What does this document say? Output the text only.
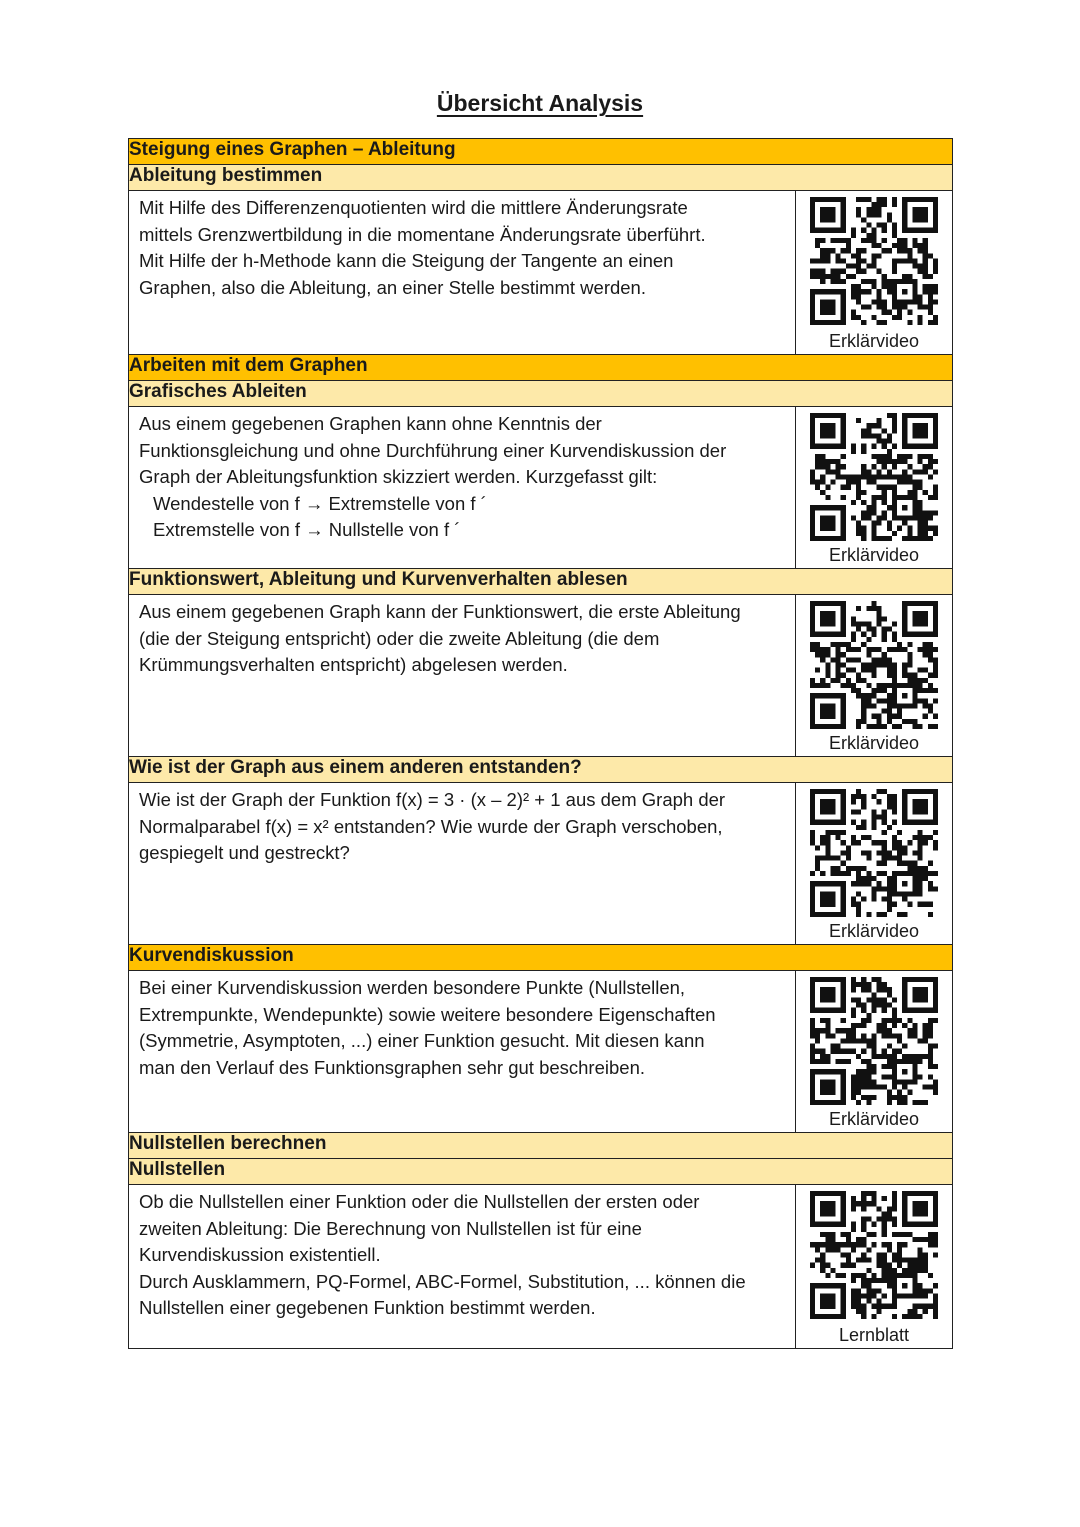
Übersicht Analysis
Steigung eines Graphen – Ableitung	
Ableitung bestimmen	

Mit Hilfe des Differenzenquotienten wird die mittlere Änderungsrate

mittels Grenzwertbildung in die momentane Änderungsrate überführt.

Mit Hilfe der h-Methode kann die Steigung der Tangente an einen

Graphen, also die Ableitung, an einer Stelle bestimmt werden.	Erklärvideo

Arbeiten mit dem Graphen	
Grafisches Ableiten	

Aus einem gegebenen Graphen kann ohne Kenntnis der

Funktionsgleichung und ohne Durchführung einer Kurvendiskussion der

Graph der Ableitungsfunktion skizziert werden. Kurzgefasst gilt:

Wendestelle von f → Extremstelle von f ´

Extremstelle von f → Nullstelle von f ´	Erklärvideo

Funktionswert, Ableitung und Kurvenverhalten ablesen	

Aus einem gegebenen Graph kann der Funktionswert, die erste Ableitung

(die der Steigung entspricht) oder die zweite Ableitung (die dem

Krümmungsverhalten entspricht) abgelesen werden.	Erklärvideo

Wie ist der Graph aus einem anderen entstanden?	

Wie ist der Graph der Funktion f(x) = 3 · (x – 2)² + 1 aus dem Graph der

Normalparabel f(x) = x² entstanden? Wie wurde der Graph verschoben,

gespiegelt und gestreckt?	Erklärvideo

Kurvendiskussion	

Bei einer Kurvendiskussion werden besondere Punkte (Nullstellen,

Extrempunkte, Wendepunkte) sowie weitere besondere Eigenschaften

(Symmetrie, Asymptoten, ...) einer Funktion gesucht. Mit diesen kann

man den Verlauf des Funktionsgraphen sehr gut beschreiben.	Erklärvideo

Nullstellen berechnen	
Nullstellen	

Ob die Nullstellen einer Funktion oder die Nullstellen der ersten oder

zweiten Ableitung: Die Berechnung von Nullstellen ist für eine

Kurvendiskussion existentiell.

Durch Ausklammern, PQ-Formel, ABC-Formel, Substitution, ... können die

Nullstellen einer gegebenen Funktion bestimmt werden.	Lernblatt
